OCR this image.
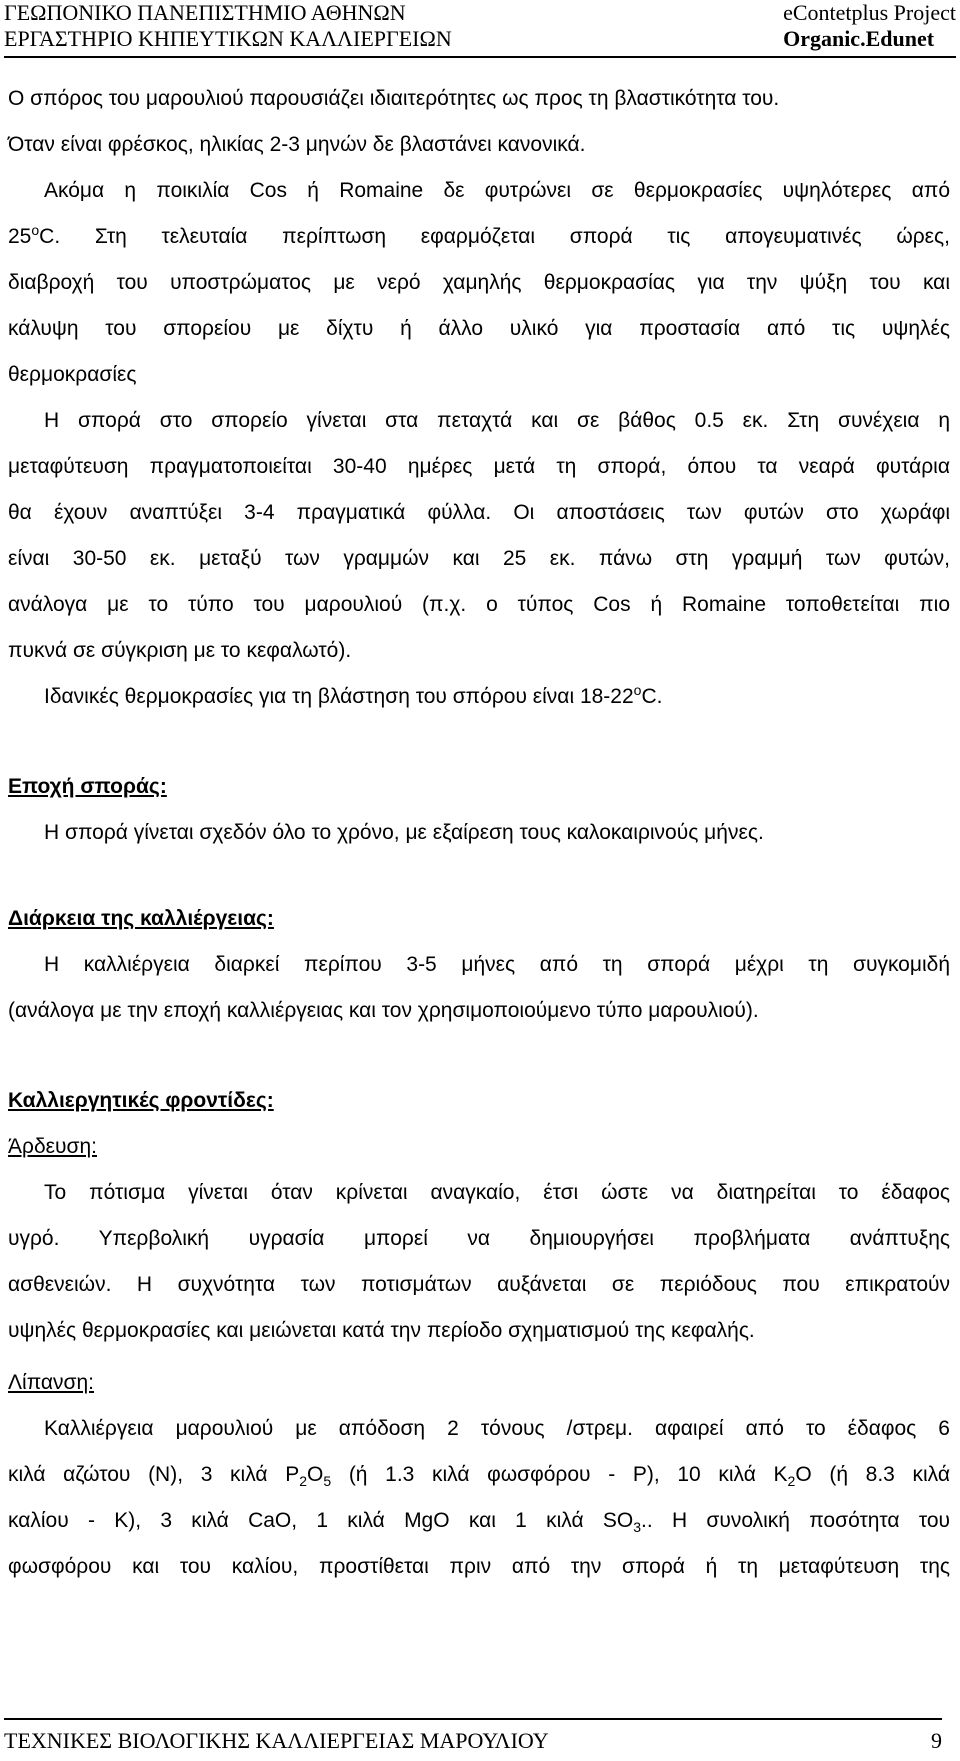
ΓΕΩΠΟΝΙΚΟ ΠΑΝΕΠΙΣΤΗΜΙΟ ΑΘΗΝΩΝ
ΕΡΓΑΣΤΗΡΙΟ ΚΗΠΕΥΤΙΚΩΝ ΚΑΛΛΙΕΡΓΕΙΩΝ
eContetplus Project
Organic.Edunet

Ο σπόρος του μαρουλιού παρουσιάζει ιδιαιτερότητες ως προς τη βλαστικότητα του.

Όταν είναι φρέσκος, ηλικίας 2-3 μηνών δε βλαστάνει κανονικά.

Ακόμα η ποικιλία Cos ή Romaine δε φυτρώνει σε θερμοκρασίες υψηλότερες από

$25^oC$. Στη τελευταία περίπτωση εφαρμόζεται σπορά τις απογευματινές ώρες,

διαβροχή του υποστρώματος με νερό χαμηλής θερμοκρασίας για την ψύξη του και

κάλυψη του σπορείου με δίχτυ ή άλλο υλικό για προστασία από τις υψηλές

θερμοκρασίες

Η σπορά στο σπορείο γίνεται στα πεταχτά και σε βάθος 0.5 εκ. Στη συνέχεια η

μεταφύτευση πραγματοποιείται 30-40 ημέρες μετά τη σπορά, όπου τα νεαρά φυτάρια

θα έχουν αναπτύξει 3-4 πραγματικά φύλλα. Οι αποστάσεις των φυτών στο χωράφι

είναι 30-50 εκ. μεταξύ των γραμμών και 25 εκ. πάνω στη γραμμή των φυτών,

ανάλογα με το τύπο του μαρουλιού (π.χ. ο τύπος Cos ή Romaine τοποθετείται πιο

πυκνά σε σύγκριση με το κεφαλωτό).

Ιδανικές θερμοκρασίες για τη βλάστηση του σπόρου είναι $18-22^oC$.

Εποχή σποράς:

Η σπορά γίνεται σχεδόν όλο το χρόνο, με εξαίρεση τους καλοκαιρινούς μήνες.

Διάρκεια της καλλιέργειας:

Η καλλιέργεια διαρκεί περίπου 3-5 μήνες από τη σπορά μέχρι τη συγκομιδή

(ανάλογα με την εποχή καλλιέργειας και τον χρησιμοποιούμενο τύπο μαρουλιού).

Καλλιεργητικές φροντίδες:

Άρδευση:

Το πότισμα γίνεται όταν κρίνεται αναγκαίο, έτσι ώστε να διατηρείται το έδαφος

υγρό. Υπερβολική υγρασία μπορεί να δημιουργήσει προβλήματα ανάπτυξης

ασθενειών. Η συχνότητα των ποτισμάτων αυξάνεται σε περιόδους που επικρατούν

υψηλές θερμοκρασίες και μειώνεται κατά την περίοδο σχηματισμού της κεφαλής.

Λίπανση:

Καλλιέργεια μαρουλιού με απόδοση 2 τόνους /στρεμ. αφαιρεί από το έδαφος 6

κιλά αζώτου (N), 3 κιλά $P_2O_5$ (ή 1.3 κιλά φωσφόρου - P), 10 κιλά $K_2O$ (ή 8.3 κιλά

καλίου - K), 3 κιλά CaO, 1 κιλά MgO και 1 κιλά $SO_3$.. Η συνολική ποσότητα του

φωσφόρου και του καλίου, προστίθεται πριν από την σπορά ή τη μεταφύτευση της

ΤΕΧΝΙΚΕΣ ΒΙΟΛΟΓΙΚΗΣ ΚΑΛΛΙΕΡΓΕΙΑΣ ΜΑΡΟΥΛΙΟΥ	9
